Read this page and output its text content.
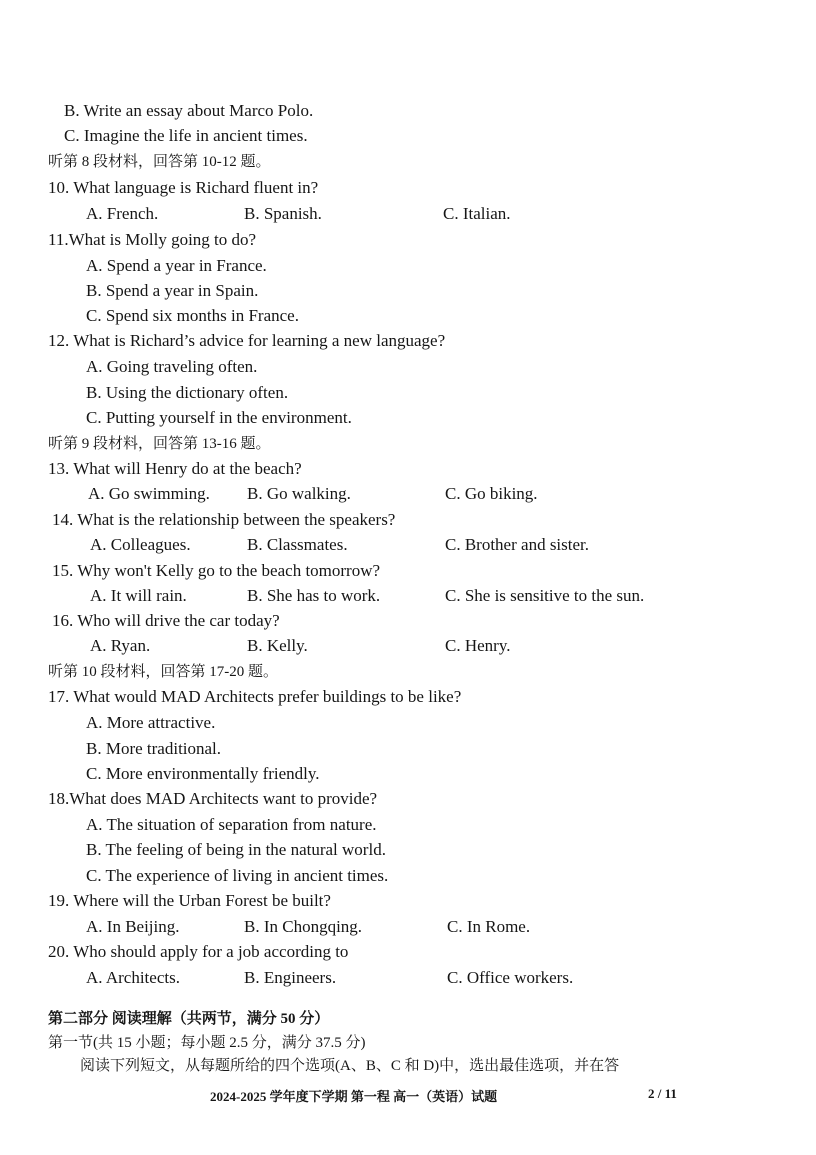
B. Write an essay about Marco Polo.
C. Imagine the life in ancient times.
听第 8 段材料，回答第 10-12 题。
10. What language is Richard fluent in?
A. French.	B. Spanish.	C. Italian.
11.What is Molly going to do?
A. Spend a year in France.
B. Spend a year in Spain.
C. Spend six months in France.
12. What is Richard’s advice for learning a new language?
A. Going traveling often.
B. Using the dictionary often.
C. Putting yourself in the environment.
听第 9 段材料，回答第 13-16 题。
13. What will Henry do at the beach?
A. Go swimming. B. Go walking.	C. Go biking.
14. What is the relationship between the speakers?
A. Colleagues.	B. Classmates.	C. Brother and sister.
15. Why won't Kelly go to the beach tomorrow?
A. It will rain.	B. She has to work.	C. She is sensitive to the sun.
16. Who will drive the car today?
A. Ryan.	B. Kelly.	C. Henry.
听第 10 段材料，回答第 17-20 题。
17. What would MAD Architects prefer buildings to be like?
A. More attractive.
B. More traditional.
C. More environmentally friendly.
18.What does MAD Architects want to provide?
A. The situation of separation from nature.
B. The feeling of being in the natural world.
C. The experience of living in ancient times.
19. Where will the Urban Forest be built?
A. In Beijing.	B. In Chongqing.	C. In Rome.
20. Who should apply for a job according to
A. Architects.	B. Engineers.	C. Office workers.
第二部分 阅读理解（共两节，满分 50 分）
第一节(共 15 小题；每小题 2.5 分，满分 37.5 分)
阅读下列短文，从每题所给的四个选项(A、B、C 和 D)中，选出最佳选项，并在答
2024-2025 学年度下学期 第一程 高一（英语）试题	2 / 11
